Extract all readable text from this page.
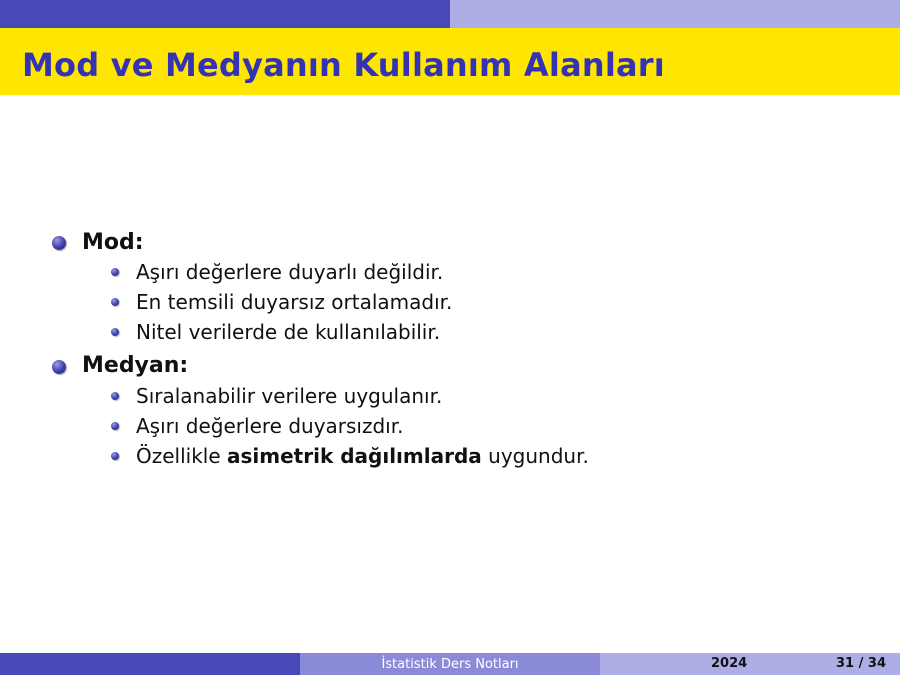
Mod ve Medyanın Kullanım Alanları
Mod:
Aşırı değerlere duyarlı değildir.
En temsili duyarsız ortalamadır.
Nitel verilerde de kullanılabilir.
Medyan:
Sıralanabilir verilere uygulanır.
Aşırı değerlere duyarsızdır.
Özellikle asimetrik dağılımlarda uygundur.
İstatistik Ders Notları	2024	31 / 34
